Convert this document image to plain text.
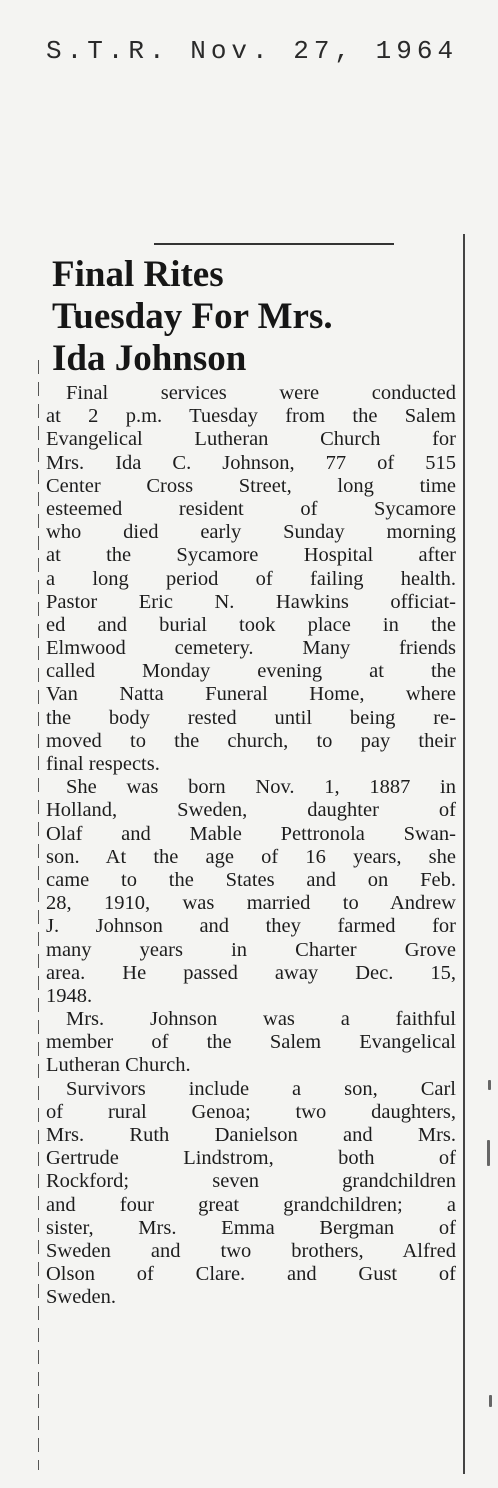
S.T.R. Nov. 27, 1964
Final Rites
Tuesday For Mrs.
Ida Johnson
Final services were conducted
at 2 p.m. Tuesday from the Salem
Evangelical Lutheran Church for
Mrs. Ida C. Johnson, 77 of 515
Center Cross Street, long time
esteemed resident of Sycamore
who died early Sunday morning
at the Sycamore Hospital after
a long period of failing health.
Pastor Eric N. Hawkins officiat-
ed and burial took place in the
Elmwood cemetery. Many friends
called Monday evening at the
Van Natta Funeral Home, where
the body rested until being re-
moved to the church, to pay their
final respects.
She was born Nov. 1, 1887 in
Holland, Sweden, daughter of
Olaf and Mable Pettronola Swan-
son. At the age of 16 years, she
came to the States and on Feb.
28, 1910, was married to Andrew
J. Johnson and they farmed for
many years in Charter Grove
area. He passed away Dec. 15,
1948.
Mrs. Johnson was a faithful
member of the Salem Evangelical
Lutheran Church.
Survivors include a son, Carl
of rural Genoa; two daughters,
Mrs. Ruth Danielson and Mrs.
Gertrude Lindstrom, both of
Rockford; seven grandchildren
and four great grandchildren; a
sister, Mrs. Emma Bergman of
Sweden and two brothers, Alfred
Olson of Clare. and Gust of
Sweden.
